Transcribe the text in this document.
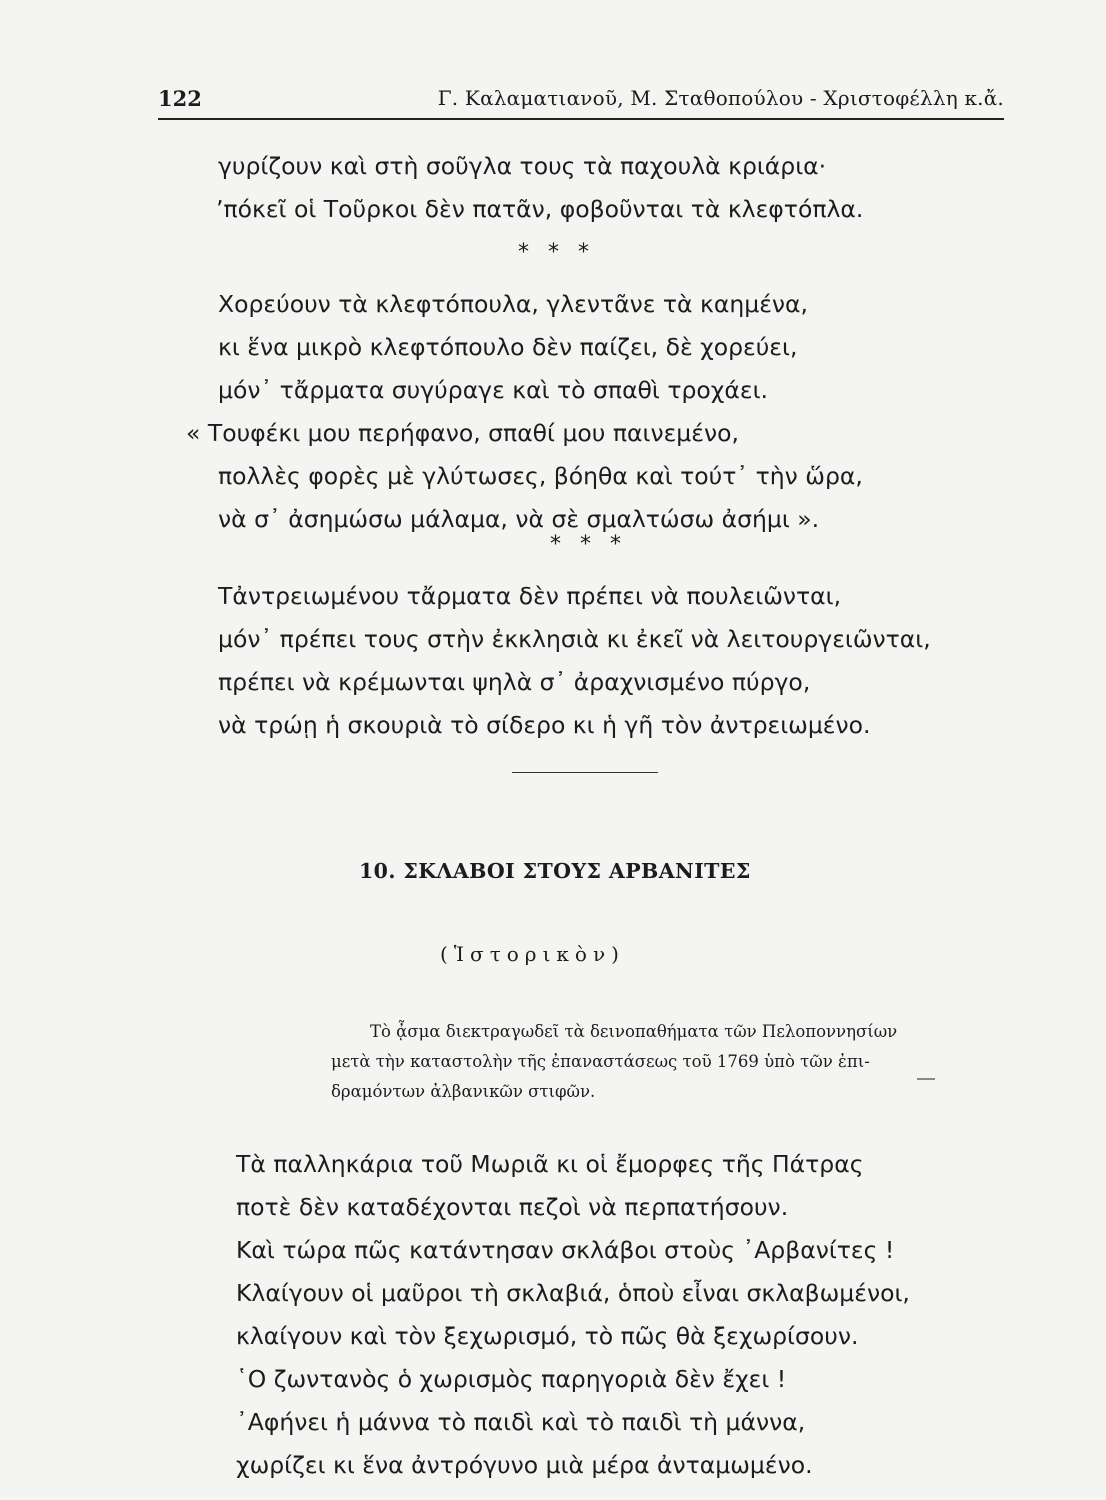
122	Γ. Καλαματιανοῦ, Μ. Σταθοπούλου - Χριστοφέλλη κ.ἄ.
γυρίζουν καὶ στὴ σοῦγλα τους τὰ παχουλὰ κριάρια·
ʼπόκεῖ οἱ Τοῦρκοι δὲν πατᾶν, φοβοῦνται τὰ κλεφτόπλα.
* * *
Χορεύουν τὰ κλεφτόπουλα, γλεντᾶνε τὰ καημένα,
κι ἕνα μικρὸ κλεφτόπουλο δὲν παίζει, δὲ χορεύει,
μόν᾿ τἄρματα συγύραγε καὶ τὸ σπαθὶ τροχάει.
« Τουφέκι μου περήφανο, σπαθί μου παινεμένο,
πολλὲς φορὲς μὲ γλύτωσες, βόηθα καὶ τούτ᾿ τὴν ὥρα,
νὰ σ᾿ ἀσημώσω μάλαμα, νὰ σὲ σμαλτώσω ἀσήμι ».
* * *
Τἀντρειωμένου τἄρματα δὲν πρέπει νὰ πουλειῶνται,
μόν᾿ πρέπει τους στὴν ἐκκλησιὰ κι ἐκεῖ νὰ λειτουργειῶνται,
πρέπει νὰ κρέμωνται ψηλὰ σ᾿ ἀραχνισμένο πύργο,
νὰ τρώῃ ἡ σκουριὰ τὸ σίδερο κι ἡ γῆ τὸν ἀντρειωμένο.
10. ΣΚΛΑΒΟΙ ΣΤΟΥΣ ΑΡΒΑΝΙΤΕΣ
(Ἱστορικὸν)
Τὸ ᾆσμα διεκτραγωδεῖ τὰ δεινοπαθήματα τῶν Πελοποννησίων
μετὰ τὴν καταστολὴν τῆς ἐπαναστάσεως τοῦ 1769 ὑπὸ τῶν ἐπι-
δραμόντων ἀλβανικῶν στιφῶν.
Τὰ παλληκάρια τοῦ Μωριᾶ κι οἱ ἔμορφες τῆς Πάτρας
ποτὲ δὲν καταδέχονται πεζοὶ νὰ περπατήσουν.
Καὶ τώρα πῶς κατάντησαν σκλάβοι στοὺς ᾿Αρβανίτες !
Κλαίγουν οἱ μαῦροι τὴ σκλαβιά, ὁποὺ εἶναι σκλαβωμένοι,
κλαίγουν καὶ τὸν ξεχωρισμό, τὸ πῶς θὰ ξεχωρίσουν.
῾Ο ζωντανὸς ὁ χωρισμὸς παρηγοριὰ δὲν ἔχει !
᾿Αφήνει ἡ μάννα τὸ παιδὶ καὶ τὸ παιδὶ τὴ μάννα,
χωρίζει κι ἕνα ἀντρόγυνο μιὰ μέρα ἀνταμωμένο.
